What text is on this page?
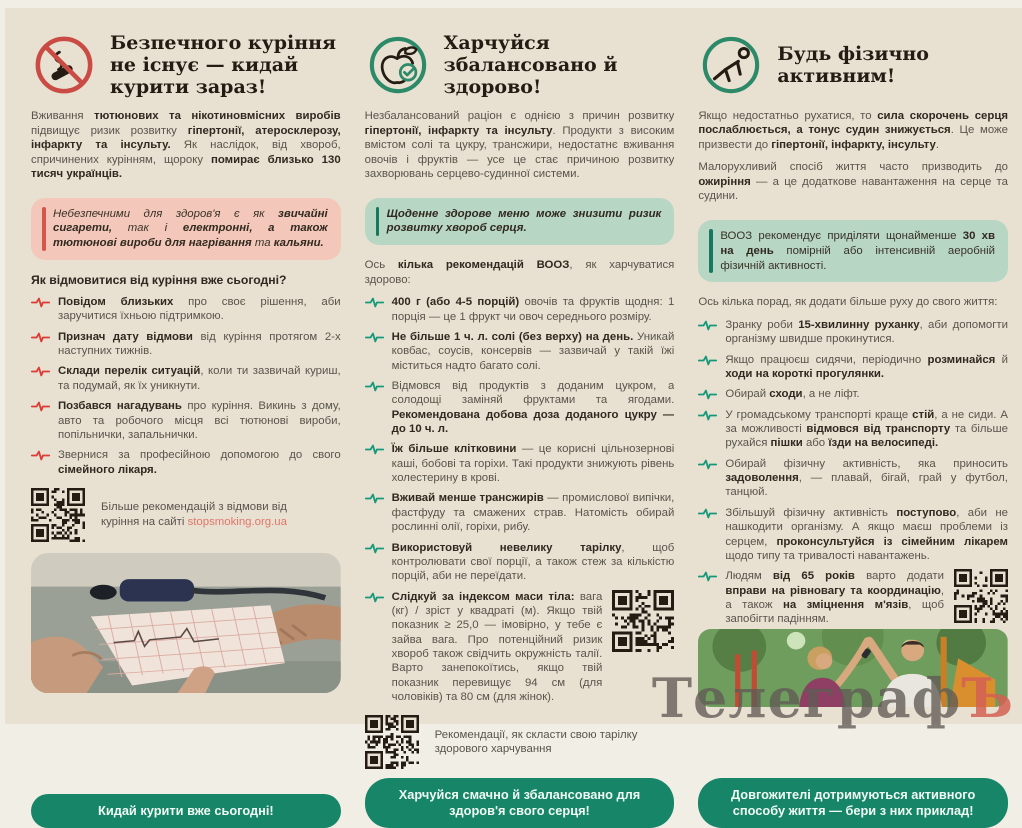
Безпечного куріння не існує — кидай курити зараз!

Вживання тютюнових та нікотиновмісних виробів підвищує ризик розвитку гіпертонії, атеросклерозу, інфаркту та інсульту. Як наслідок, від хвороб, спричинених курінням, щороку помирає близько 130 тисяч українців.

Небезпечними для здоров'я є як звичайні сигарети, так і електронні, а також тютюнові вироби для нагрівання та кальяни.

Як відмовитися від куріння вже сьогодні?

Повідом близьких про своє рішення, аби заручитися їхньою підтримкою.

Признач дату відмови від куріння протягом 2-х наступних тижнів.

Склади перелік ситуацій, коли ти зазвичай куриш, та подумай, як їх уникнути.

Позбався нагадувань про куріння. Викинь з дому, авто та робочого місця всі тютюнові вироби, попільнички, запальнички.

Звернися за професійною допомогою до свого сімейного лікаря.

Більше рекомендацій з відмови від куріння на сайті stopsmoking.org.ua

Кидай курити вже сьогодні!
Харчуйся збалансовано й здорово!

Незбалансований раціон є однією з причин розвитку гіпертонії, інфаркту та інсульту. Продукти з високим вмістом солі та цукру, трансжири, недостатнє вживання овочів і фруктів — усе це стає причиною розвитку захворювань серцево-судинної системи.

Щоденне здорове меню може знизити ризик розвитку хвороб серця.

Ось кілька рекомендацій ВООЗ, як харчуватися здорово:

400 г (або 4-5 порцій) овочів та фруктів щодня: 1 порція — це 1 фрукт чи овоч середнього розміру.

Не більше 1 ч. л. солі (без верху) на день. Уникай ковбас, соусів, консервів — зазвичай у такій їжі міститься надто багато солі.

Відмовся від продуктів з доданим цукром, а солодощі заміняй фруктами та ягодами. Рекомендована добова доза доданого цукру — до 10 ч. л.

Їж більше клітковини — це корисні цільнозернові каші, бобові та горіхи. Такі продукти знижують рівень холестерину в крові.

Вживай менше трансжирів — промислової випічки, фастфуду та смажених страв. Натомість обирай рослинні олії, горіхи, рибу.

Використовуй невелику тарілку, щоб контролювати свої порції, а також стеж за кількістю порцій, аби не переїдати.

Слідкуй за індексом маси тіла: вага (кг) / зріст у квадраті (м). Якщо твій показник ≥ 25,0 — імовірно, у тебе є зайва вага. Про потенційний ризик хвороб також свідчить окружність талії. Варто занепокоїтись, якщо твій показник перевищує 94 см (для чоловіків) та 80 см (для жінок).

Рекомендації, як скласти свою тарілку здорового харчування

Харчуйся смачно й збалансовано для здоров'я свого серця!
Будь фізично активним!

Якщо недостатньо рухатися, то сила скорочень серця послаблюється, а тонус судин знижується. Це може призвести до гіпертонії, інфаркту, інсульту.

Малорухливий спосіб життя часто призводить до ожиріння — а це додаткове навантаження на серце та судини.

ВООЗ рекомендує приділяти щонайменше 30 хв на день помірній або інтенсивній аеробній фізичній активності.

Ось кілька порад, як додати більше руху до свого життя:

Зранку роби 15-хвилинну руханку, аби допомогти організму швидше прокинутися.

Якщо працюєш сидячи, періодично розминайся й ходи на короткі прогулянки.

Обирай сходи, а не ліфт.

У громадському транспорті краще стій, а не сиди. А за можливості відмовся від транспорту та більше рухайся пішки або їзди на велосипеді.

Обирай фізичну активність, яка приносить задоволення, — плавай, бігай, грай у футбол, танцюй.

Збільшуй фізичну активність поступово, аби не нашкодити організму. А якщо маєш проблеми із серцем, проконсультуйся із сімейним лікарем щодо типу та тривалості навантажень.

Людям від 65 років варто додати вправи на рівновагу та координацію, а також на зміцнення м'язів, щоб запобігти падінням.

Довгожителі дотримуються активного способу життя — бери з них приклад!
ТелеграфЪ
